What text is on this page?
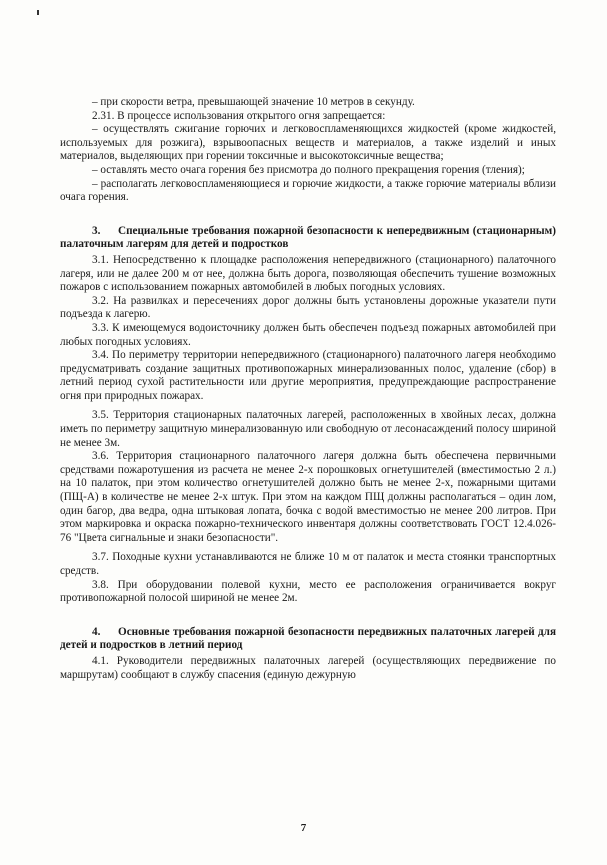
– при скорости ветра, превышающей значение 10 метров в секунду.

2.31. В процессе использования открытого огня запрещается:

– осуществлять сжигание горючих и легковоспламеняющихся жидкостей (кроме жидкостей, используемых для розжига), взрывоопасных веществ и материалов, а также изделий и иных материалов, выделяющих при горении токсичные и высокотоксичные вещества;

– оставлять место очага горения без присмотра до полного прекращения горения (тления);

– располагать легковоспламеняющиеся и горючие жидкости, а также горючие материалы вблизи очага горения.

3. Специальные требования пожарной безопасности к непередвижным (стационарным) палаточным лагерям для детей и подростков

3.1. Непосредственно к площадке расположения непередвижного (стационарного) палаточного лагеря, или не далее 200 м от нее, должна быть дорога, позволяющая обеспечить тушение возможных пожаров с использованием пожарных автомобилей в любых погодных условиях.

3.2. На развилках и пересечениях дорог должны быть установлены дорожные указатели пути подъезда к лагерю.

3.3. К имеющемуся водоисточнику должен быть обеспечен подъезд пожарных автомобилей при любых погодных условиях.

3.4. По периметру территории непередвижного (стационарного) палаточного лагеря необходимо предусматривать создание защитных противопожарных минерализованных полос, удаление (сбор) в летний период сухой растительности или другие мероприятия, предупреждающие распространение огня при природных пожарах.

3.5. Территория стационарных палаточных лагерей, расположенных в хвойных лесах, должна иметь по периметру защитную минерализованную или свободную от лесонасаждений полосу шириной не менее 3м.

3.6. Территория стационарного палаточного лагеря должна быть обеспечена первичными средствами пожаротушения из расчета не менее 2-х порошковых огнетушителей (вместимостью 2 л.) на 10 палаток, при этом количество огнетушителей должно быть не менее 2-х, пожарными щитами (ПЩ-А) в количестве не менее 2-х штук. При этом на каждом ПЩ должны располагаться – один лом, один багор, два ведра, одна штыковая лопата, бочка с водой вместимостью не менее 200 литров. При этом маркировка и окраска пожарно-технического инвентаря должны соответствовать ГОСТ 12.4.026-76 "Цвета сигнальные и знаки безопасности".

3.7. Походные кухни устанавливаются не ближе 10 м от палаток и места стоянки транспортных средств.

3.8. При оборудовании полевой кухни, место ее расположения ограничивается вокруг противопожарной полосой шириной не менее 2м.

4. Основные требования пожарной безопасности передвижных палаточных лагерей для детей и подростков в летний период

4.1. Руководители передвижных палаточных лагерей (осуществляющих передвижение по маршрутам) сообщают в службу спасения (единую дежурную

7
